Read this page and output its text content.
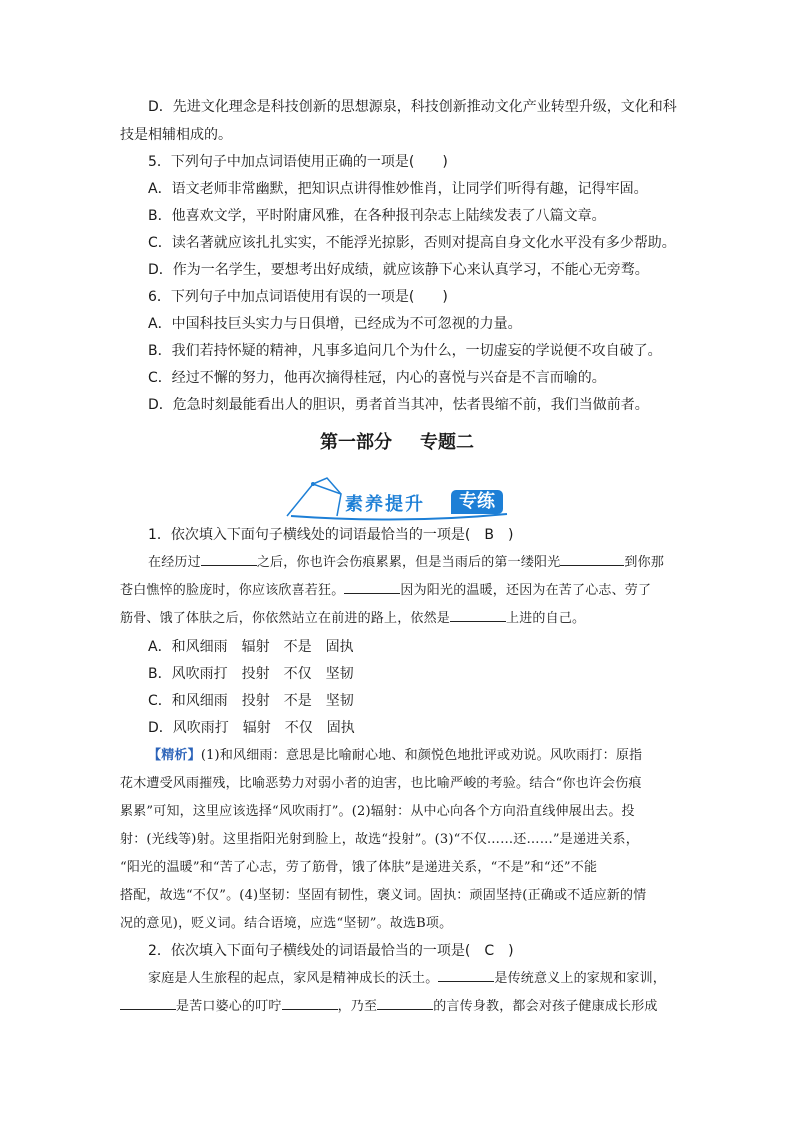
D．先进文化理念是科技创新的思想源泉，科技创新推动文化产业转型升级，文化和科
技是相辅相成的。
5．下列句子中加点词语使用正确的一项是(　　)
A．语文老师非常幽默，把知识点讲得惟妙惟肖，让同学们听得有趣，记得牢固。
B．他喜欢文学，平时附庸风雅，在各种报刊杂志上陆续发表了八篇文章。
C．读名著就应该扎扎实实，不能浮光掠影，否则对提高自身文化水平没有多少帮助。
D．作为一名学生，要想考出好成绩，就应该静下心来认真学习，不能心无旁骛。
6．下列句子中加点词语使用有误的一项是(　　)
A．中国科技巨头实力与日俱增，已经成为不可忽视的力量。
B．我们若持怀疑的精神，凡事多追问几个为什么，一切虚妄的学说便不攻自破了。
C．经过不懈的努力，他再次摘得桂冠，内心的喜悦与兴奋是不言而喻的。
D．危急时刻最能看出人的胆识，勇者首当其冲，怯者畏缩不前，我们当做前者。
第一部分 专题二
素养提升	专练
1．依次填入下面句子横线处的词语最恰当的一项是(　B　)
在经历过	之后，你也许会伤痕累累，但是当雨后的第一缕阳光	到你那
苍白憔悴的脸庞时，你应该欣喜若狂。	因为阳光的温暖，还因为在苦了心志、劳了
筋骨、饿了体肤之后，你依然站立在前进的路上，依然是	上进的自己。
A．和风细雨　辐射　不是　固执
B．风吹雨打　投射　不仅　坚韧
C．和风细雨　投射　不是　坚韧
D．风吹雨打　辐射　不仅　固执
【精析】(1)和风细雨：意思是比喻耐心地、和颜悦色地批评或劝说。风吹雨打：原指
花木遭受风雨摧残，比喻恶势力对弱小者的迫害，也比喻严峻的考验。结合“你也许会伤痕
累累”可知，这里应该选择“风吹雨打”。(2)辐射：从中心向各个方向沿直线伸展出去。投
射：(光线等)射。这里指阳光射到脸上，故选“投射”。(3)“不仅……还……”是递进关系，
“阳光的温暖”和“苦了心志，劳了筋骨，饿了体肤”是递进关系，“不是”和“还”不能
搭配，故选“不仅”。(4)坚韧：坚固有韧性，褒义词。固执：顽固坚持(正确或不适应新的情
况的意见)，贬义词。结合语境，应选“坚韧”。故选B项。
2．依次填入下面句子横线处的词语最恰当的一项是(　C　)
家庭是人生旅程的起点，家风是精神成长的沃土。	是传统意义上的家规和家训，
是苦口婆心的叮咛	，乃至	的言传身教，都会对孩子健康成长形成
